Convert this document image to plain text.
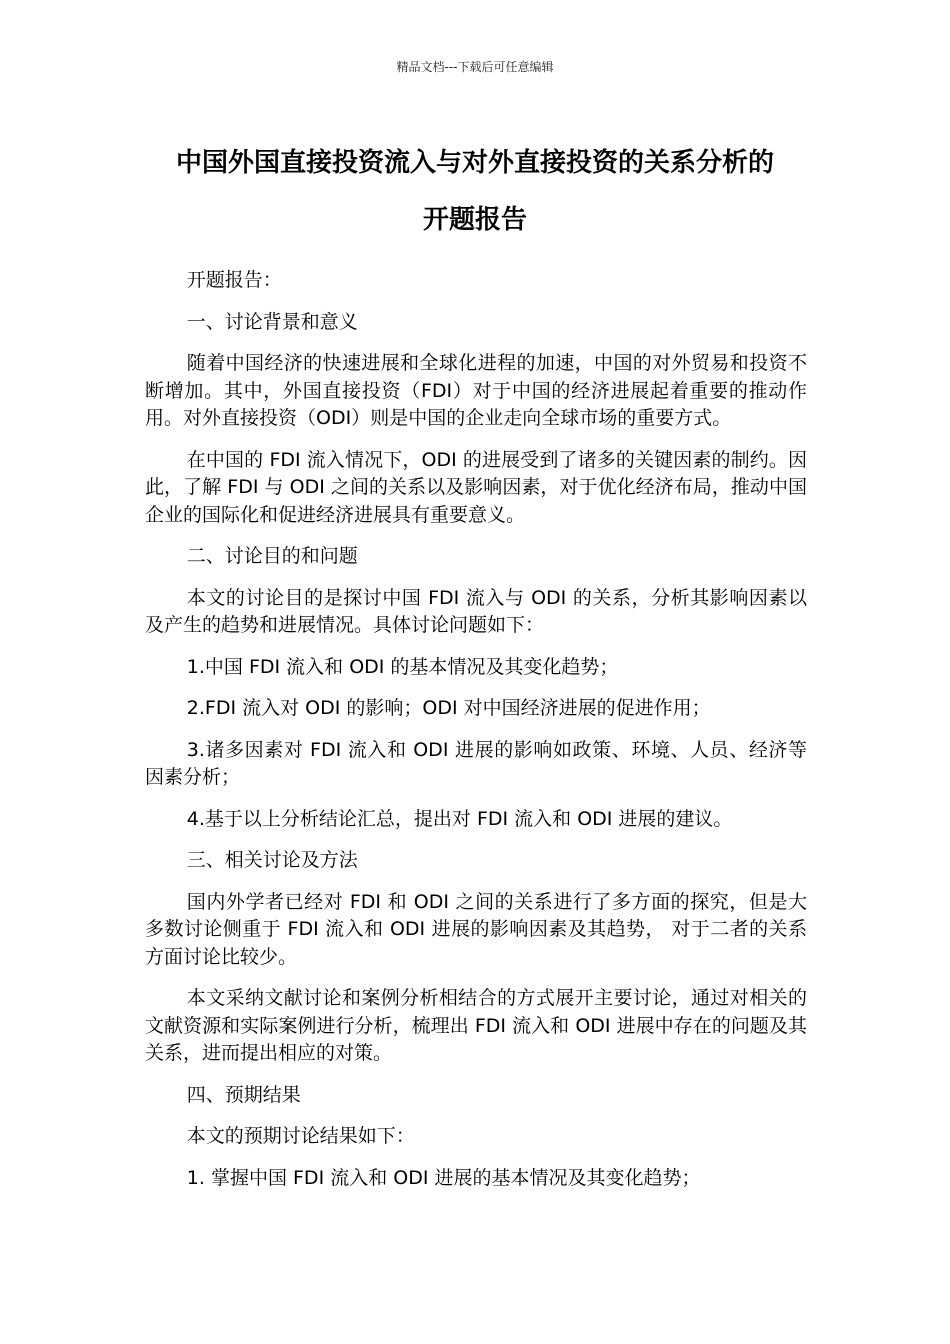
精品文档---下载后可任意编辑
中国外国直接投资流入与对外直接投资的关系分析的
开题报告

开题报告：

一、讨论背景和意义

随着中国经济的快速进展和全球化进程的加速，中国的对外贸易和投资不断增加。其中，外国直接投资（FDI）对于中国的经济进展起着重要的推动作用。对外直接投资（ODI）则是中国的企业走向全球市场的重要方式。

在中国的 FDI 流入情况下，ODI 的进展受到了诸多的关键因素的制约。因此，了解 FDI 与 ODI 之间的关系以及影响因素，对于优化经济布局，推动中国企业的国际化和促进经济进展具有重要意义。

二、讨论目的和问题

本文的讨论目的是探讨中国 FDI 流入与 ODI 的关系，分析其影响因素以及产生的趋势和进展情况。具体讨论问题如下：

1.中国 FDI 流入和 ODI 的基本情况及其变化趋势；

2.FDI 流入对 ODI 的影响；ODI 对中国经济进展的促进作用；

3.诸多因素对 FDI 流入和 ODI 进展的影响如政策、环境、人员、经济等因素分析；

4.基于以上分析结论汇总，提出对 FDI 流入和 ODI 进展的建议。

三、相关讨论及方法

国内外学者已经对 FDI 和 ODI 之间的关系进行了多方面的探究，但是大多数讨论侧重于 FDI 流入和 ODI 进展的影响因素及其趋势， 对于二者的关系方面讨论比较少。

本文采纳文献讨论和案例分析相结合的方式展开主要讨论，通过对相关的文献资源和实际案例进行分析，梳理出 FDI 流入和 ODI 进展中存在的问题及其关系，进而提出相应的对策。

四、预期结果

本文的预期讨论结果如下：

1. 掌握中国 FDI 流入和 ODI 进展的基本情况及其变化趋势；
